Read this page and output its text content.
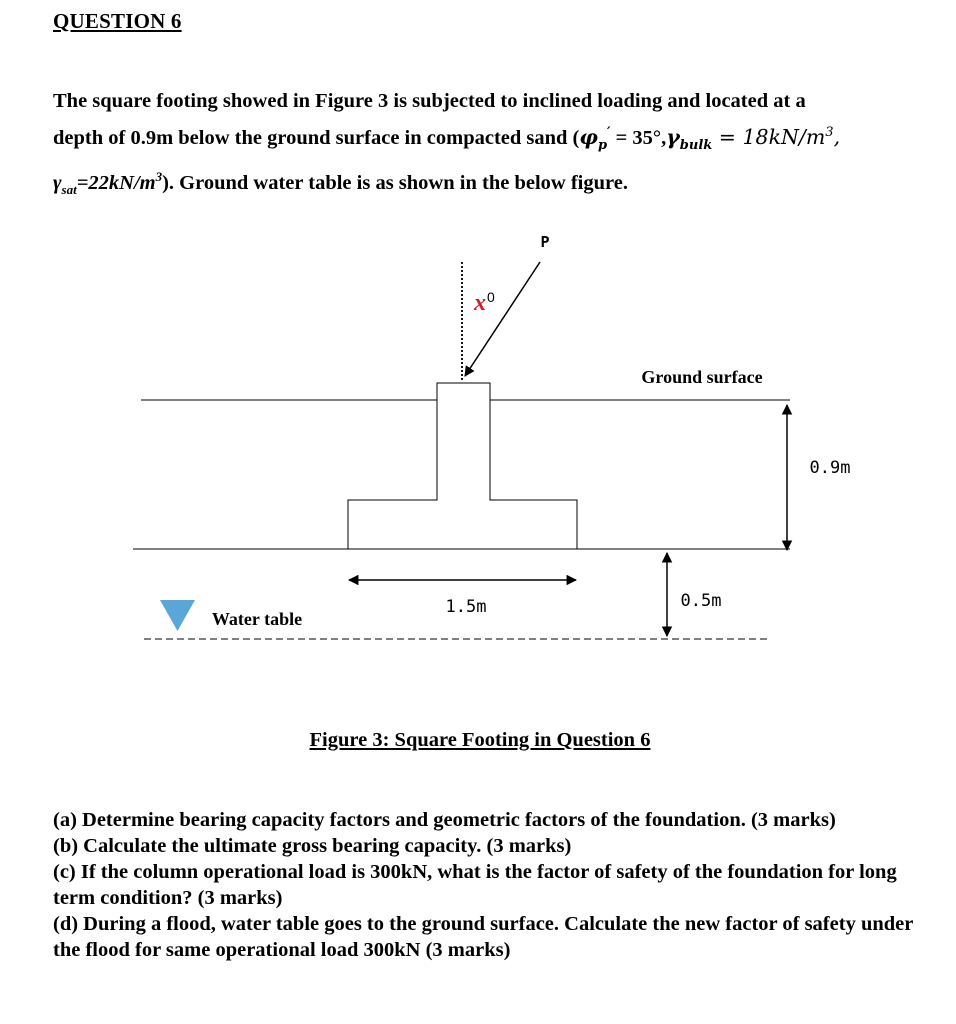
QUESTION 6
The square footing showed in Figure 3 is subjected to inclined loading and located at a
depth of 0.9m below the ground surface in compacted sand ($\varphi_p' = 35^\circ,\gamma_{bulk} = 18kN/m^3$,
$\gamma_{sat}=22kN/m^3$). Ground water table is as shown in the below figure.
P
$x^0$
Ground surface
0.9m
1.5m	0.5m
Water table
Figure 3: Square Footing in Question 6
(a) Determine bearing capacity factors and geometric factors of the foundation. (3 marks)
(b) Calculate the ultimate gross bearing capacity. (3 marks)
(c) If the column operational load is 300kN, what is the factor of safety of the foundation for long term condition? (3 marks)
(d) During a flood, water table goes to the ground surface. Calculate the new factor of safety under the flood for same operational load 300kN (3 marks)
